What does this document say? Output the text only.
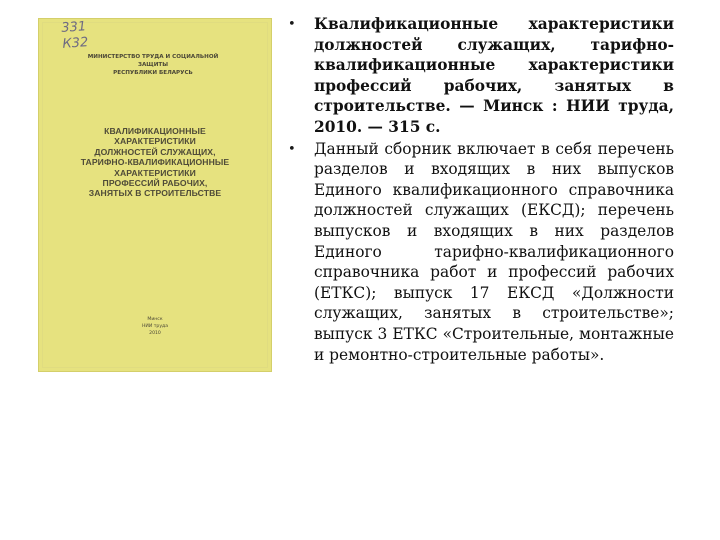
331
К32
МИНИСТЕРСТВО ТРУДА И СОЦИАЛЬНОЙ ЗАЩИТЫ
РЕСПУБЛИКИ БЕЛАРУСЬ
КВАЛИФИКАЦИОННЫЕ
ХАРАКТЕРИСТИКИ
ДОЛЖНОСТЕЙ СЛУЖАЩИХ,
ТАРИФНО-КВАЛИФИКАЦИОННЫЕ
ХАРАКТЕРИСТИКИ
ПРОФЕССИЙ РАБОЧИХ,
ЗАНЯТЫХ В СТРОИТЕЛЬСТВЕ
Минск
НИИ труда
2010
• Квалификационные характеристики должностей служащих, тарифно-квалификационные характеристики профессий рабочих, занятых в строительстве. — Минск : НИИ труда, 2010. — 315 с.

• Данный сборник включает в себя перечень разделов и входящих в них выпусков Единого квалификационного справочника должностей служащих (ЕКСД); перечень выпусков и входящих в них разделов Единого тарифно-квалификационного справочника работ и профессий рабочих (ЕТКС); выпуск 17 ЕКСД «Должности служащих, занятых в строительстве»; выпуск 3 ЕТКС «Строительные, монтажные и ремонтно-строительные работы».
